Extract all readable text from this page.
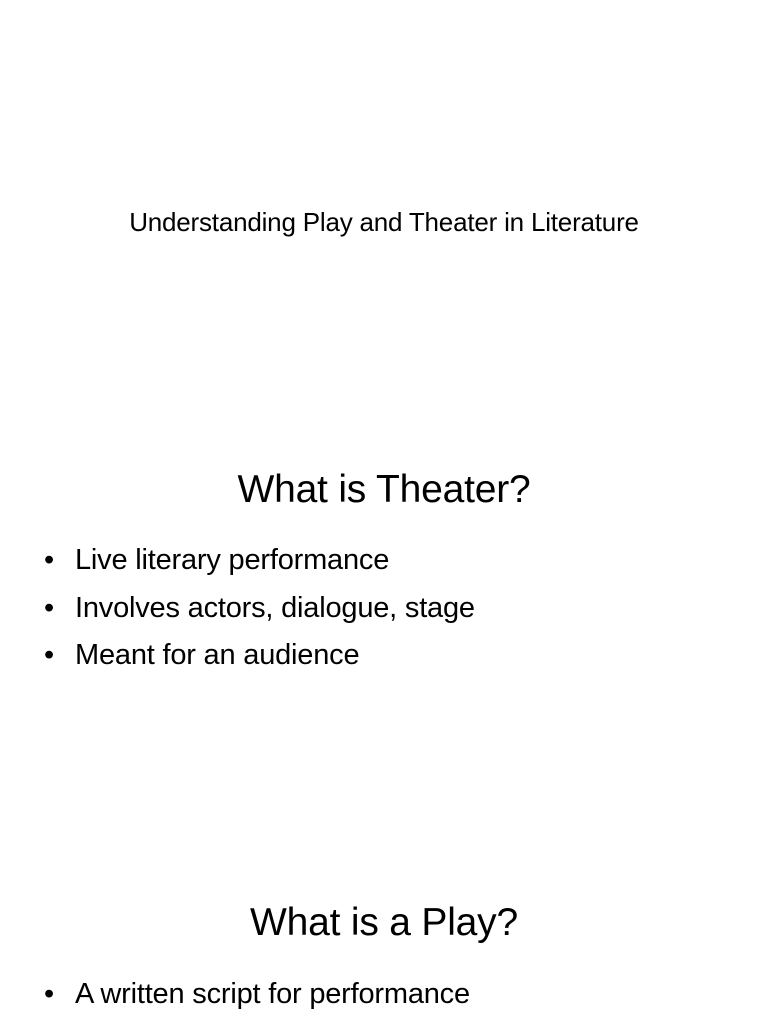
Understanding Play and Theater in Literature
What is Theater?
• Live literary performance
• Involves actors, dialogue, stage
• Meant for an audience
What is a Play?
• A written script for performance
